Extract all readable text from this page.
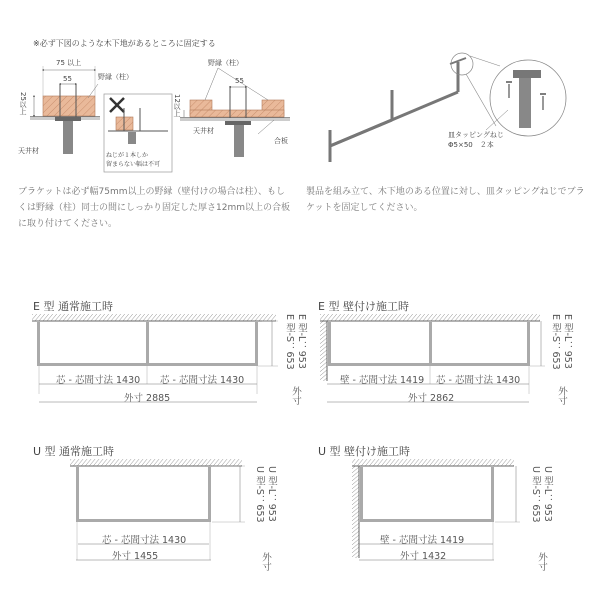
※必ず下図のような木下地があるところに固定する
75 以上
55	野縁（柱）
25以上
天井材
ねじが１本しか
留まらない幅は不可
野縁（柱）
55
12以上
天井材
合板
皿タッピングねじ
Φ5×50　２本
ブラケットは必ず幅75mm以上の野縁（壁付けの場合は柱）、もしくは野縁（柱）同士の間にしっかり固定した厚さ12mm以上の合板に取り付けてください。
製品を組み立て、木下地のある位置に対し、皿タッピングねじでブラケットを固定してください。
E 型 通常施工時
芯 - 芯間寸法 1430 芯 - 芯間寸法 1430
外寸 2885
E 型-S：653 E 型-L：953
外寸
E 型 壁付け施工時
壁 - 芯間寸法 1419 芯 - 芯間寸法 1430
外寸 2862
E 型-S：653 E 型-L：953
外寸
U 型 通常施工時
芯 - 芯間寸法 1430
外寸 1455
U 型-S：653 U 型-L：953
外寸
U 型 壁付け施工時
壁 - 芯間寸法 1419
外寸 1432
U 型-S：653 U 型-L：953
外寸
